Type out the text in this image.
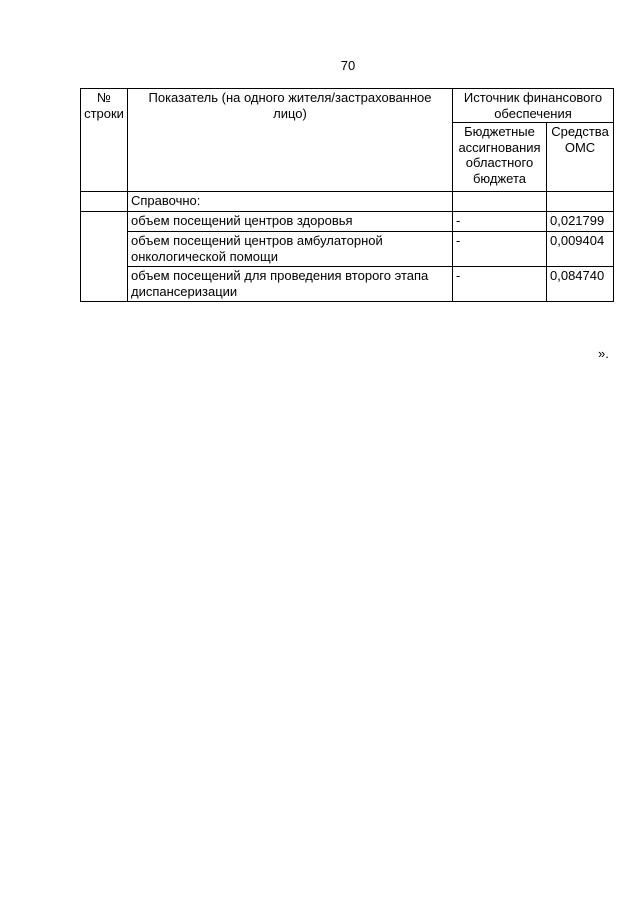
70
№ строки	Показатель (на одного жителя/застрахованное лицо)	Источник финансового обеспечения	
		Бюджетные ассигнования областного бюджета	Средства ОМС
	Справочно:		
	объем посещений центров здоровья	-	0,021799
	объем посещений центров амбулаторной онкологической помощи	-	0,009404
	объем посещений для проведения второго этапа диспансеризации	-	0,084740
».
